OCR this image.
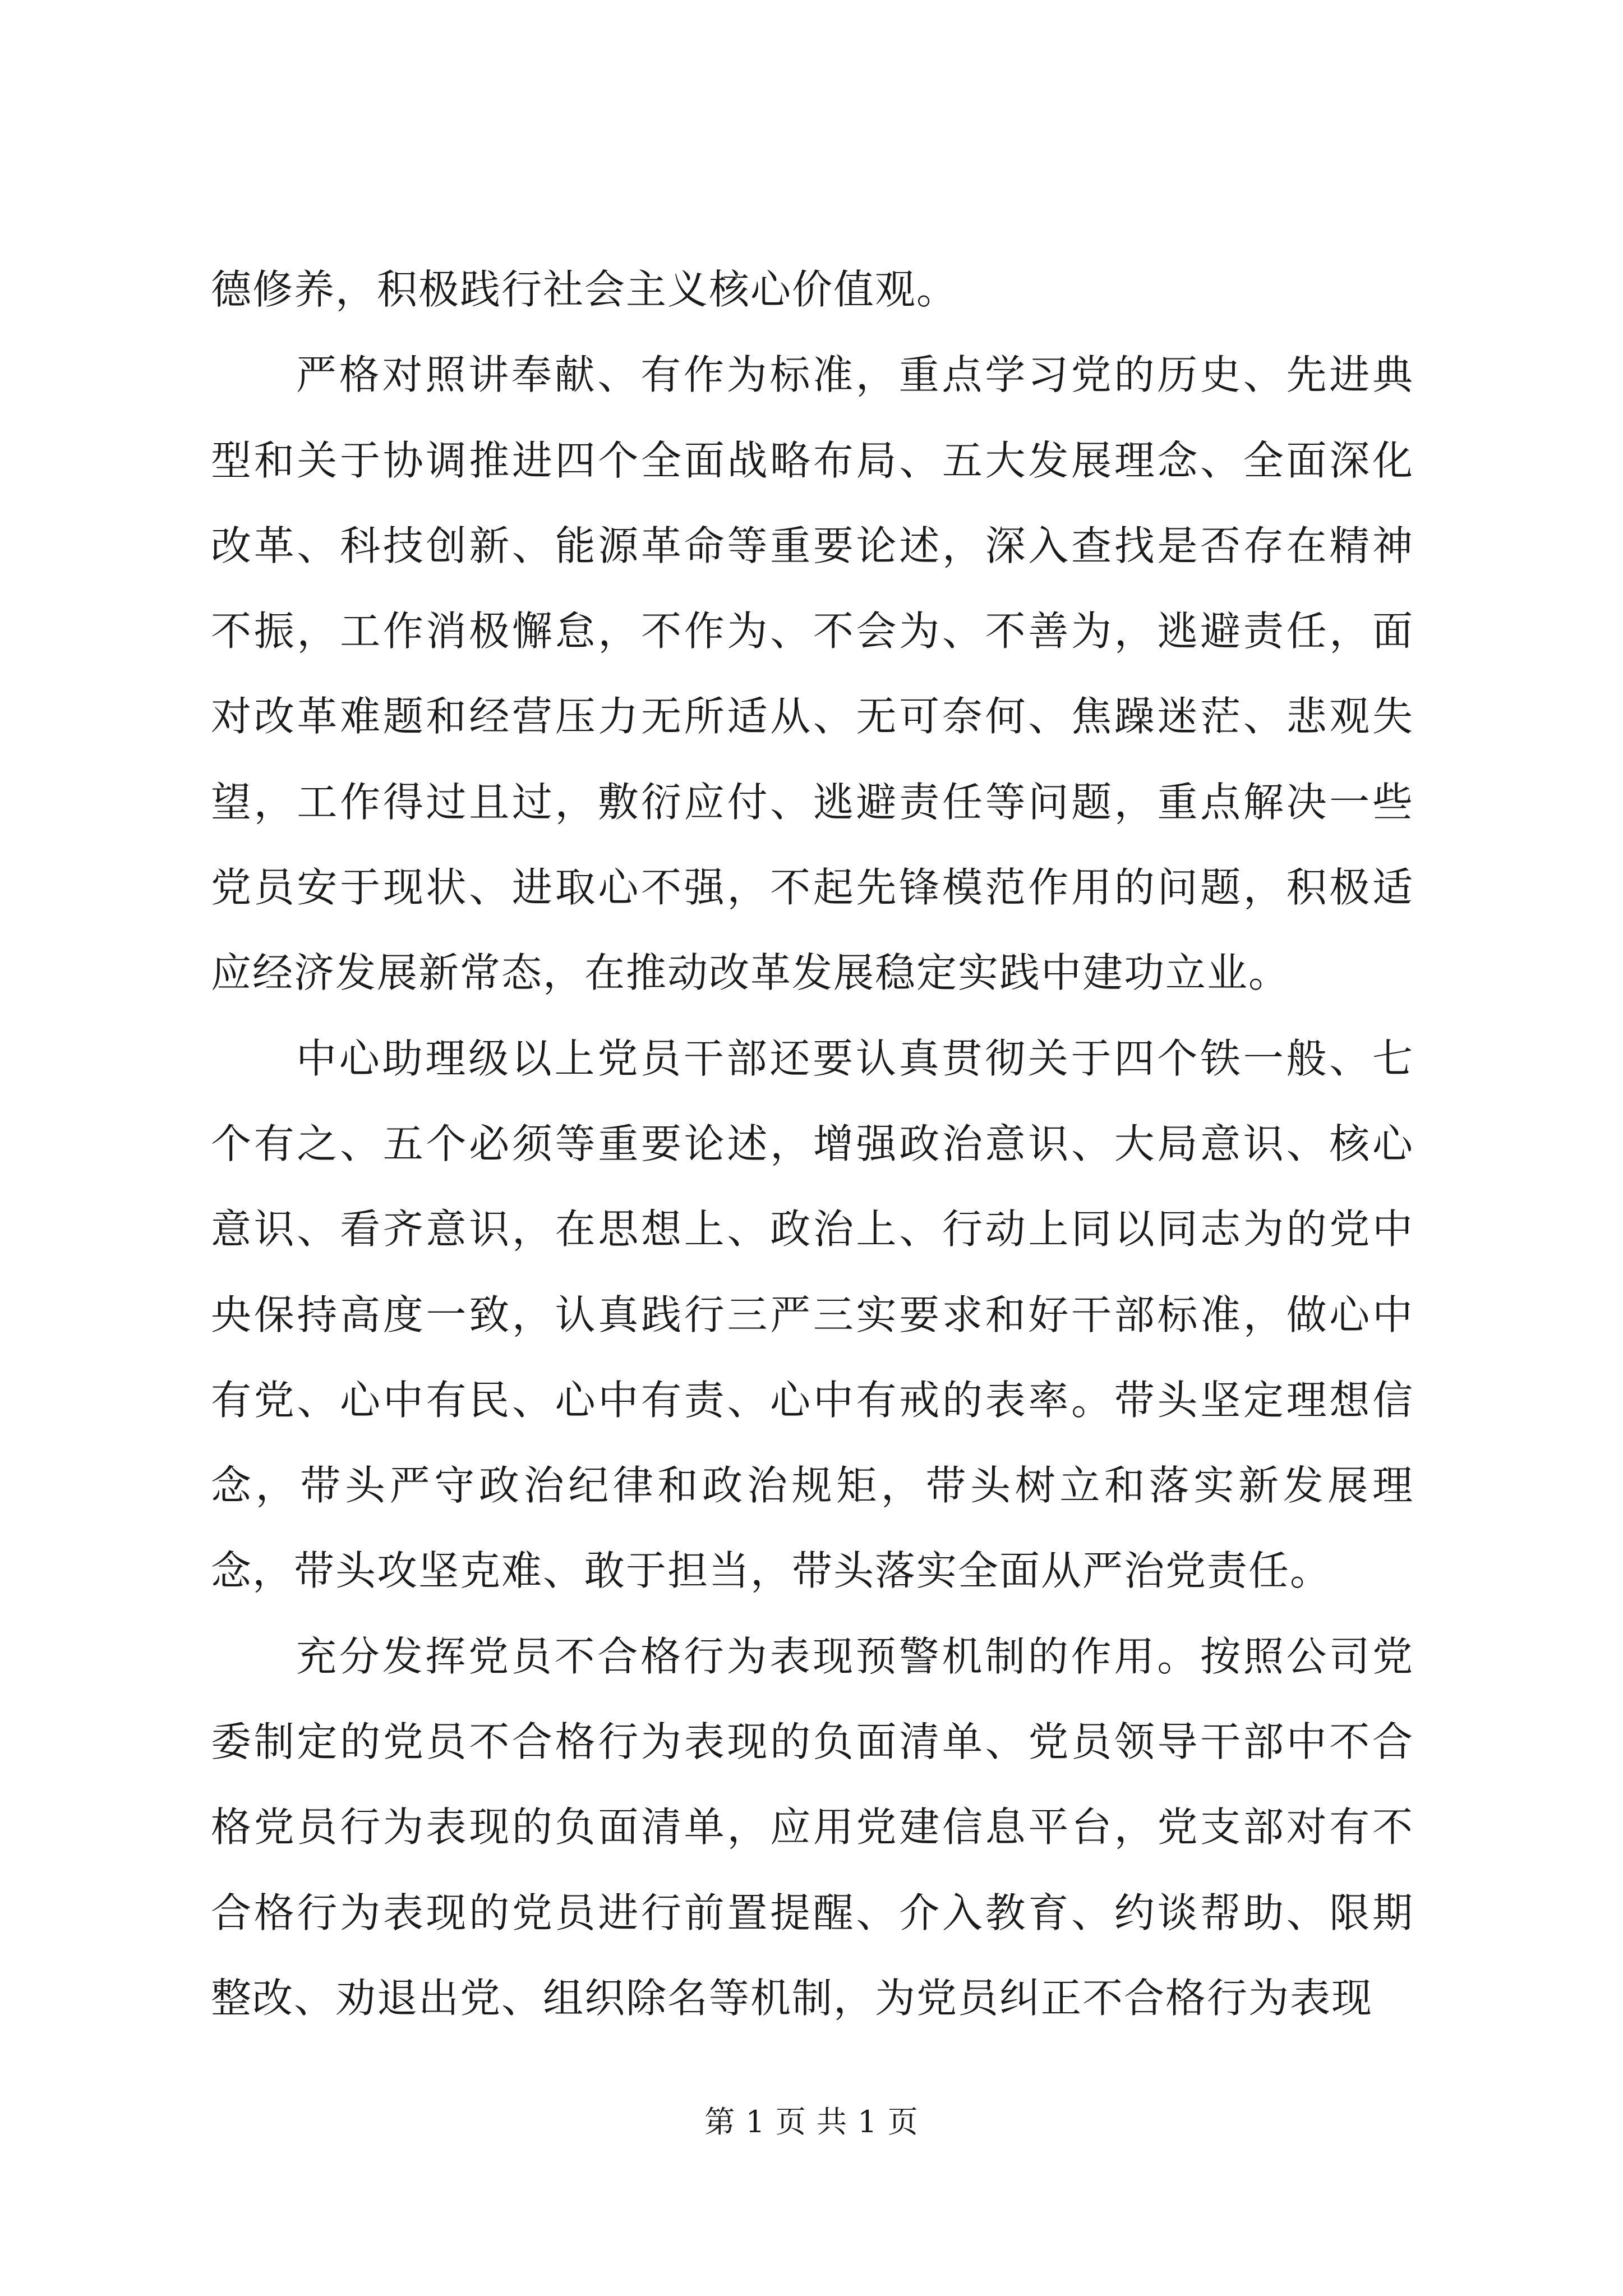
德修养，积极践行社会主义核心价值观。

严格对照讲奉献、有作为标准，重点学习党的历史、先进典型和关于协调推进四个全面战略布局、五大发展理念、全面深化改革、科技创新、能源革命等重要论述，深入查找是否存在精神不振，工作消极懈怠，不作为、不会为、不善为，逃避责任，面对改革难题和经营压力无所适从、无可奈何、焦躁迷茫、悲观失望，工作得过且过，敷衍应付、逃避责任等问题，重点解决一些党员安于现状、进取心不强，不起先锋模范作用的问题，积极适应经济发展新常态，在推动改革发展稳定实践中建功立业。

中心助理级以上党员干部还要认真贯彻关于四个铁一般、七个有之、五个必须等重要论述，增强政治意识、大局意识、核心意识、看齐意识，在思想上、政治上、行动上同以同志为的党中央保持高度一致，认真践行三严三实要求和好干部标准，做心中有党、心中有民、心中有责、心中有戒的表率。带头坚定理想信念，带头严守政治纪律和政治规矩，带头树立和落实新发展理念，带头攻坚克难、敢于担当，带头落实全面从严治党责任。

充分发挥党员不合格行为表现预警机制的作用。按照公司党委制定的党员不合格行为表现的负面清单、党员领导干部中不合格党员行为表现的负面清单，应用党建信息平台，党支部对有不合格行为表现的党员进行前置提醒、介入教育、约谈帮助、限期整改、劝退出党、组织除名等机制，为党员纠正不合格行为表现

第 1 页 共 1 页
